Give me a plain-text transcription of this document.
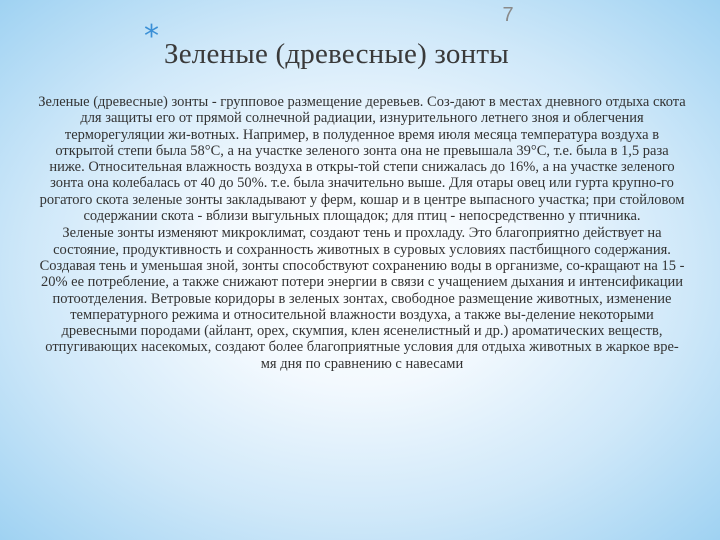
7
* Зеленые (древесные) зонты

Зеленые (древесные) зонты - групповое размещение деревьев. Соз-дают в местах дневного отдыха скота для защиты его от прямой солнечной радиации, изнурительного летнего зноя и облегчения терморегуляции жи-вотных. Например, в полуденное время июля месяца температура воздуха в открытой степи была 58°С, а на участке зеленого зонта она не превышала 39°С, т.е. была в 1,5 раза ниже. Относительная влажность воздуха в откры-той степи снижалась до 16%, а на участке зеленого зонта она колебалась от 40 до 50%. т.е. была значительно выше. Для отары овец или гурта крупно-го рогатого скота зеленые зонты закладывают у ферм, кошар и в центре выпасного участка; при стойловом содержании скота - вблизи выгульных площадок; для птиц - непосредственно у птичника.

Зеленые зонты изменяют микроклимат, создают тень и прохладу. Это благоприятно действует на состояние, продуктивность и сохранность животных в суровых условиях пастбищного содержания. Создавая тень и уменьшая зной, зонты способствуют сохранению воды в организме, со-кращают на 15 - 20% ее потребление, а также снижают потери энергии в связи с учащением дыхания и интенсификации потоотделения. Ветровые коридоры в зеленых зонтах, свободное размещение животных, изменение температурного режима и относительной влажности воздуха, а также вы-деление некоторыми древесными породами (айлант, орех, скумпия, клен ясенелистный и др.) ароматических веществ, отпугивающих насекомых, создают более благоприятные условия для отдыха животных в жаркое вре-мя дня по сравнению с навесами
